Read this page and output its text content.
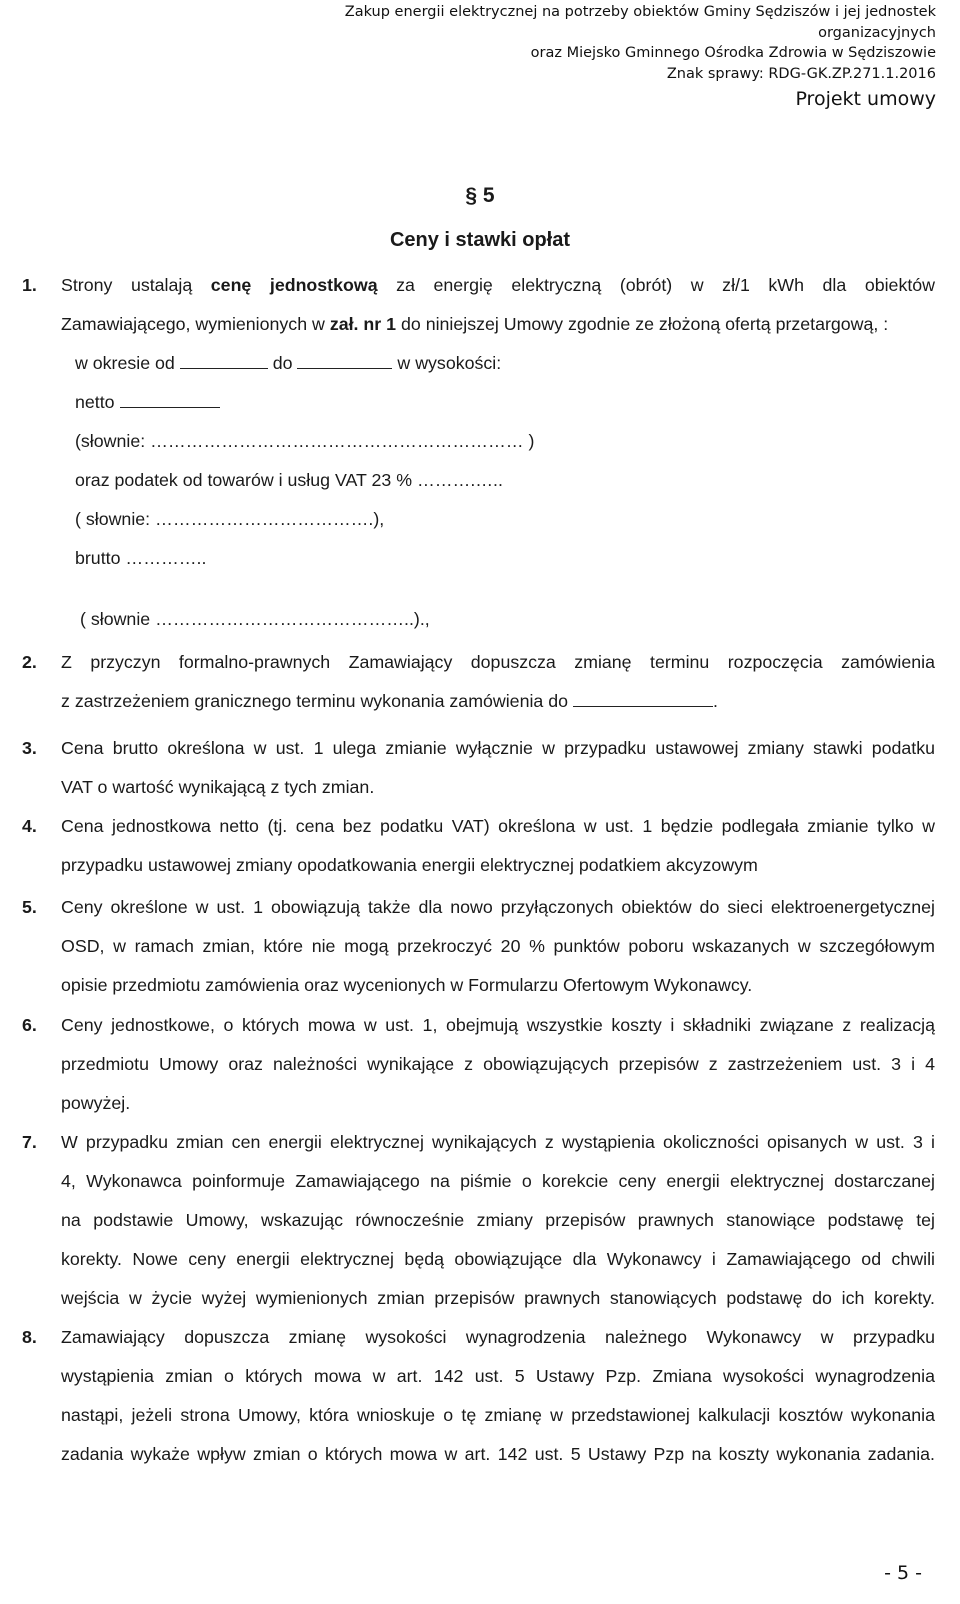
Zakup energii elektrycznej na potrzeby obiektów Gminy Sędziszów i jej jednostek organizacyjnych
oraz Miejsko Gminnego Ośrodka Zdrowia w Sędziszowie
Znak sprawy: RDG-GK.ZP.271.1.2016
Projekt umowy
§ 5
Ceny i stawki opłat
1.	Strony ustalają cenę jednostkową za energię elektryczną (obrót) w zł/1 kWh dla obiektów
Zamawiającego, wymienionych w zał. nr 1 do niniejszej Umowy zgodnie ze złożoną ofertą przetargową, :
w okresie od	do	w wysokości:
netto
(słownie: ……………………………………………………… )
oraz podatek od towarów i usług VAT 23 % ……….…..
( słownie: ……………………………….),
brutto …………..
( słownie ……………………………………..).,
2.	Z przyczyn formalno-prawnych Zamawiający dopuszcza zmianę terminu rozpoczęcia zamówienia
z zastrzeżeniem granicznego terminu wykonania zamówienia do	.
3.	Cena brutto określona w ust. 1 ulega zmianie wyłącznie w przypadku ustawowej zmiany stawki podatku
VAT o wartość wynikającą z tych zmian.
4.	Cena jednostkowa netto (tj. cena bez podatku VAT) określona w ust. 1 będzie podlegała zmianie tylko w
przypadku ustawowej zmiany opodatkowania energii elektrycznej podatkiem akcyzowym
5.	Ceny określone w ust. 1 obowiązują także dla nowo przyłączonych obiektów do sieci elektroenergetycznej
OSD, w ramach zmian, które nie mogą przekroczyć 20 % punktów poboru wskazanych w szczegółowym
opisie przedmiotu zamówienia oraz wycenionych w Formularzu Ofertowym Wykonawcy.
6.	Ceny jednostkowe, o których mowa w ust. 1, obejmują wszystkie koszty i składniki związane z realizacją
przedmiotu Umowy oraz należności wynikające z obowiązujących przepisów z zastrzeżeniem ust. 3 i 4
powyżej.
7.	W przypadku zmian cen energii elektrycznej wynikających z wystąpienia okoliczności opisanych w ust. 3 i
4, Wykonawca poinformuje Zamawiającego na piśmie o korekcie ceny energii elektrycznej dostarczanej
na podstawie Umowy, wskazując równocześnie zmiany przepisów prawnych stanowiące podstawę tej
korekty. Nowe ceny energii elektrycznej będą obowiązujące dla Wykonawcy i Zamawiającego od chwili
wejścia w życie wyżej wymienionych zmian przepisów prawnych stanowiących podstawę do ich korekty.
8.	Zamawiający dopuszcza zmianę wysokości wynagrodzenia należnego Wykonawcy w przypadku
wystąpienia zmian o których mowa w art. 142 ust. 5 Ustawy Pzp. Zmiana wysokości wynagrodzenia
nastąpi, jeżeli strona Umowy, która wnioskuje o tę zmianę w przedstawionej kalkulacji kosztów wykonania
zadania wykaże wpływ zmian o których mowa w art. 142 ust. 5 Ustawy Pzp na koszty wykonania zadania.
- 5 -
